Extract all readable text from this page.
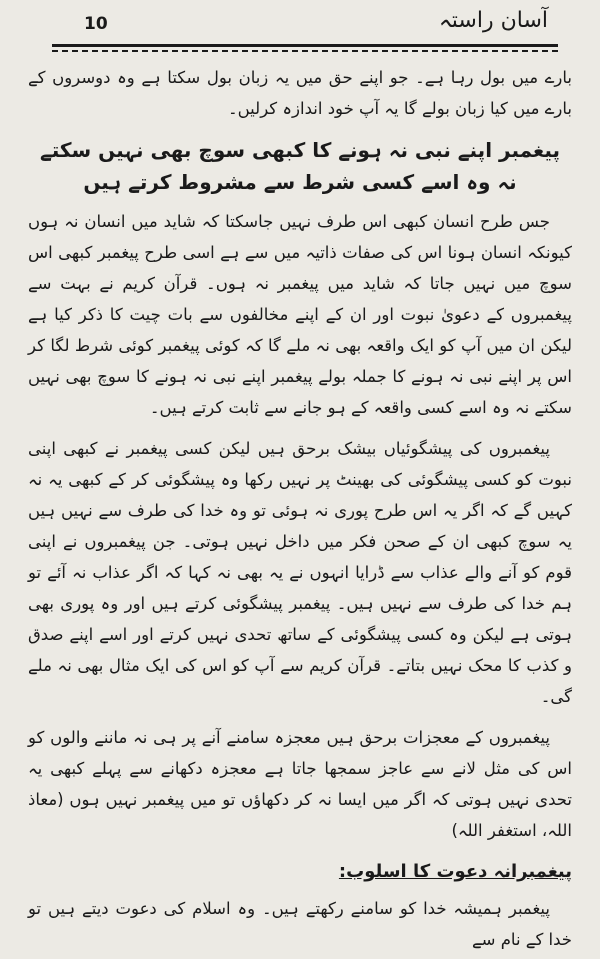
10	آسان راستہ

بارے میں بول رہا ہے۔ جو اپنے حق میں یہ زبان بول سکتا ہے وہ دوسروں کے بارے میں کیا زبان بولے گا یہ آپ خود اندازہ کرلیں۔

پیغمبر اپنے نبی نہ ہونے کا کبھی سوچ بھی نہیں سکتے
نہ وہ اسے کسی شرط سے مشروط کرتے ہیں

جس طرح انسان کبھی اس طرف نہیں جاسکتا کہ شاید میں انسان نہ ہوں کیونکہ انسان ہونا اس کی صفات ذاتیہ میں سے ہے اسی طرح پیغمبر کبھی اس سوچ میں نہیں جاتا کہ شاید میں پیغمبر نہ ہوں۔ قرآن کریم نے بہت سے پیغمبروں کے دعویٰ نبوت اور ان کے اپنے مخالفوں سے بات چیت کا ذکر کیا ہے لیکن ان میں آپ کو ایک واقعہ بھی نہ ملے گا کہ کوئی پیغمبر کوئی شرط لگا کر اس پر اپنے نبی نہ ہونے کا جملہ بولے پیغمبر اپنے نبی نہ ہونے کا سوچ بھی نہیں سکتے نہ وہ اسے کسی واقعہ کے ہو جانے سے ثابت کرتے ہیں۔

پیغمبروں کی پیشگوئیاں بیشک برحق ہیں لیکن کسی پیغمبر نے کبھی اپنی نبوت کو کسی پیشگوئی کی بھینٹ پر نہیں رکھا وہ پیشگوئی کر کے کبھی یہ نہ کہیں گے کہ اگر یہ اس طرح پوری نہ ہوئی تو وہ خدا کی طرف سے نہیں ہیں یہ سوچ کبھی ان کے صحن فکر میں داخل نہیں ہوتی۔ جن پیغمبروں نے اپنی قوم کو آنے والے عذاب سے ڈرایا انہوں نے یہ بھی نہ کہا کہ اگر عذاب نہ آئے تو ہم خدا کی طرف سے نہیں ہیں۔ پیغمبر پیشگوئی کرتے ہیں اور وہ پوری بھی ہوتی ہے لیکن وہ کسی پیشگوئی کے ساتھ تحدی نہیں کرتے اور اسے اپنے صدق و کذب کا محک نہیں بتاتے۔ قرآن کریم سے آپ کو اس کی ایک مثال بھی نہ ملے گی۔

پیغمبروں کے معجزات برحق ہیں معجزہ سامنے آنے پر ہی نہ ماننے والوں کو اس کی مثل لانے سے عاجز سمجھا جاتا ہے معجزہ دکھانے سے پہلے کبھی یہ تحدی نہیں ہوتی کہ اگر میں ایسا نہ کر دکھاؤں تو میں پیغمبر نہیں ہوں (معاذ اللہ، استغفر اللہ)

پیغمبرانہ دعوت کا اسلوب:

پیغمبر ہمیشہ خدا کو سامنے رکھتے ہیں۔ وہ اسلام کی دعوت دیتے ہیں تو خدا کے نام سے
